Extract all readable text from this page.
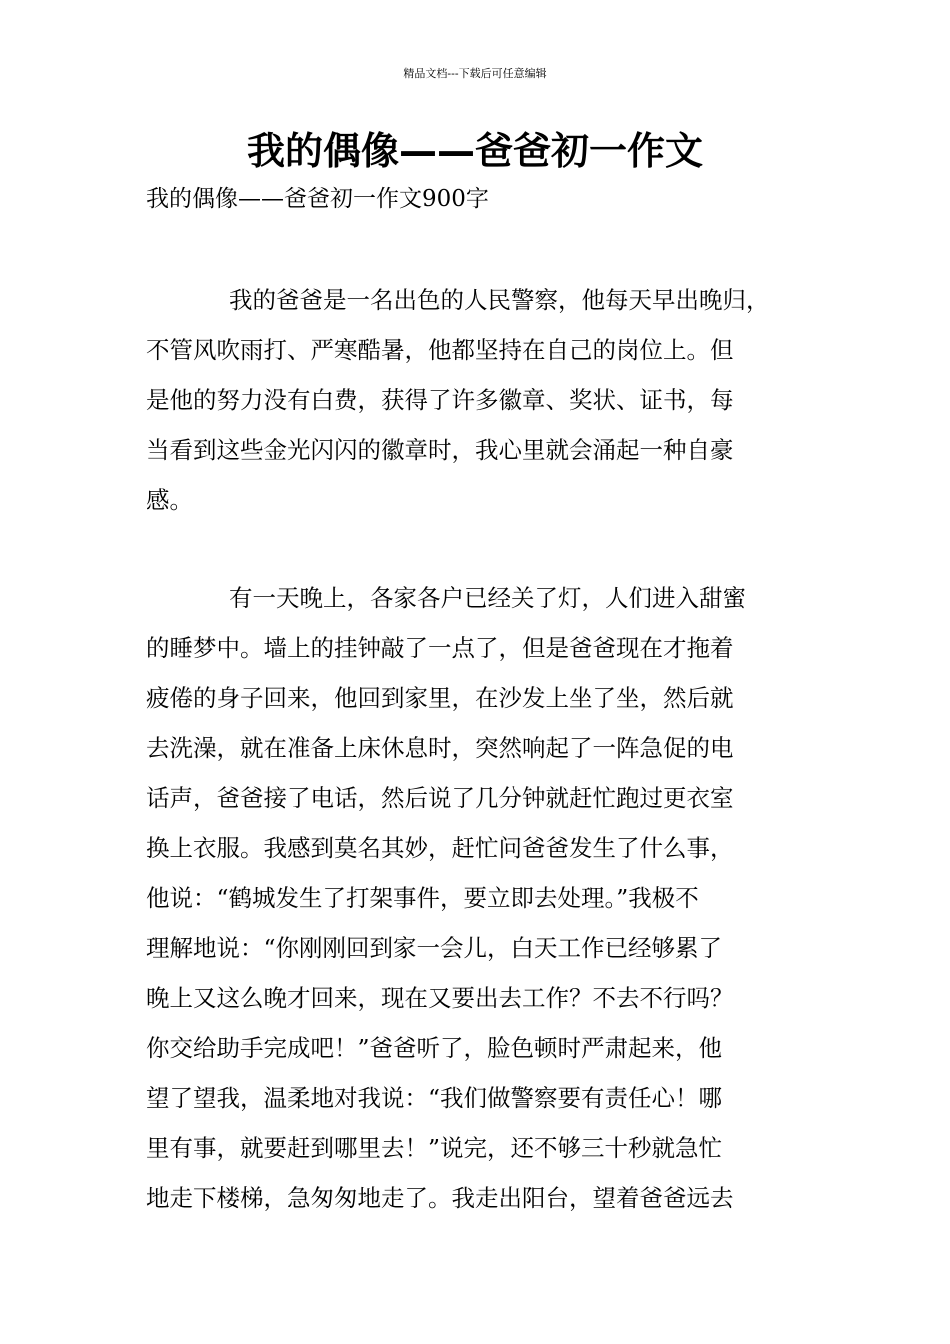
精品文档---下载后可任意编辑
我的偶像——爸爸初一作文
我的偶像——爸爸初一作文900字
我的爸爸是一名出色的人民警察，他每天早出晚归，
不管风吹雨打、严寒酷暑，他都坚持在自己的岗位上。但
是他的努力没有白费，获得了许多徽章、奖状、证书，每
当看到这些金光闪闪的徽章时，我心里就会涌起一种自豪
感。
有一天晚上，各家各户已经关了灯，人们进入甜蜜
的睡梦中。墙上的挂钟敲了一点了，但是爸爸现在才拖着
疲倦的身子回来，他回到家里，在沙发上坐了坐，然后就
去洗澡，就在准备上床休息时，突然响起了一阵急促的电
话声，爸爸接了电话，然后说了几分钟就赶忙跑过更衣室
换上衣服。我感到莫名其妙，赶忙问爸爸发生了什么事，
他说：“鹤城发生了打架事件，要立即去处理。”我极不
理解地说：“你刚刚回到家一会儿，白天工作已经够累了
晚上又这么晚才回来，现在又要出去工作？不去不行吗？
你交给助手完成吧！”爸爸听了，脸色顿时严肃起来，他
望了望我，温柔地对我说：“我们做警察要有责任心！哪
里有事，就要赶到哪里去！”说完，还不够三十秒就急忙
地走下楼梯，急匆匆地走了。我走出阳台，望着爸爸远去
